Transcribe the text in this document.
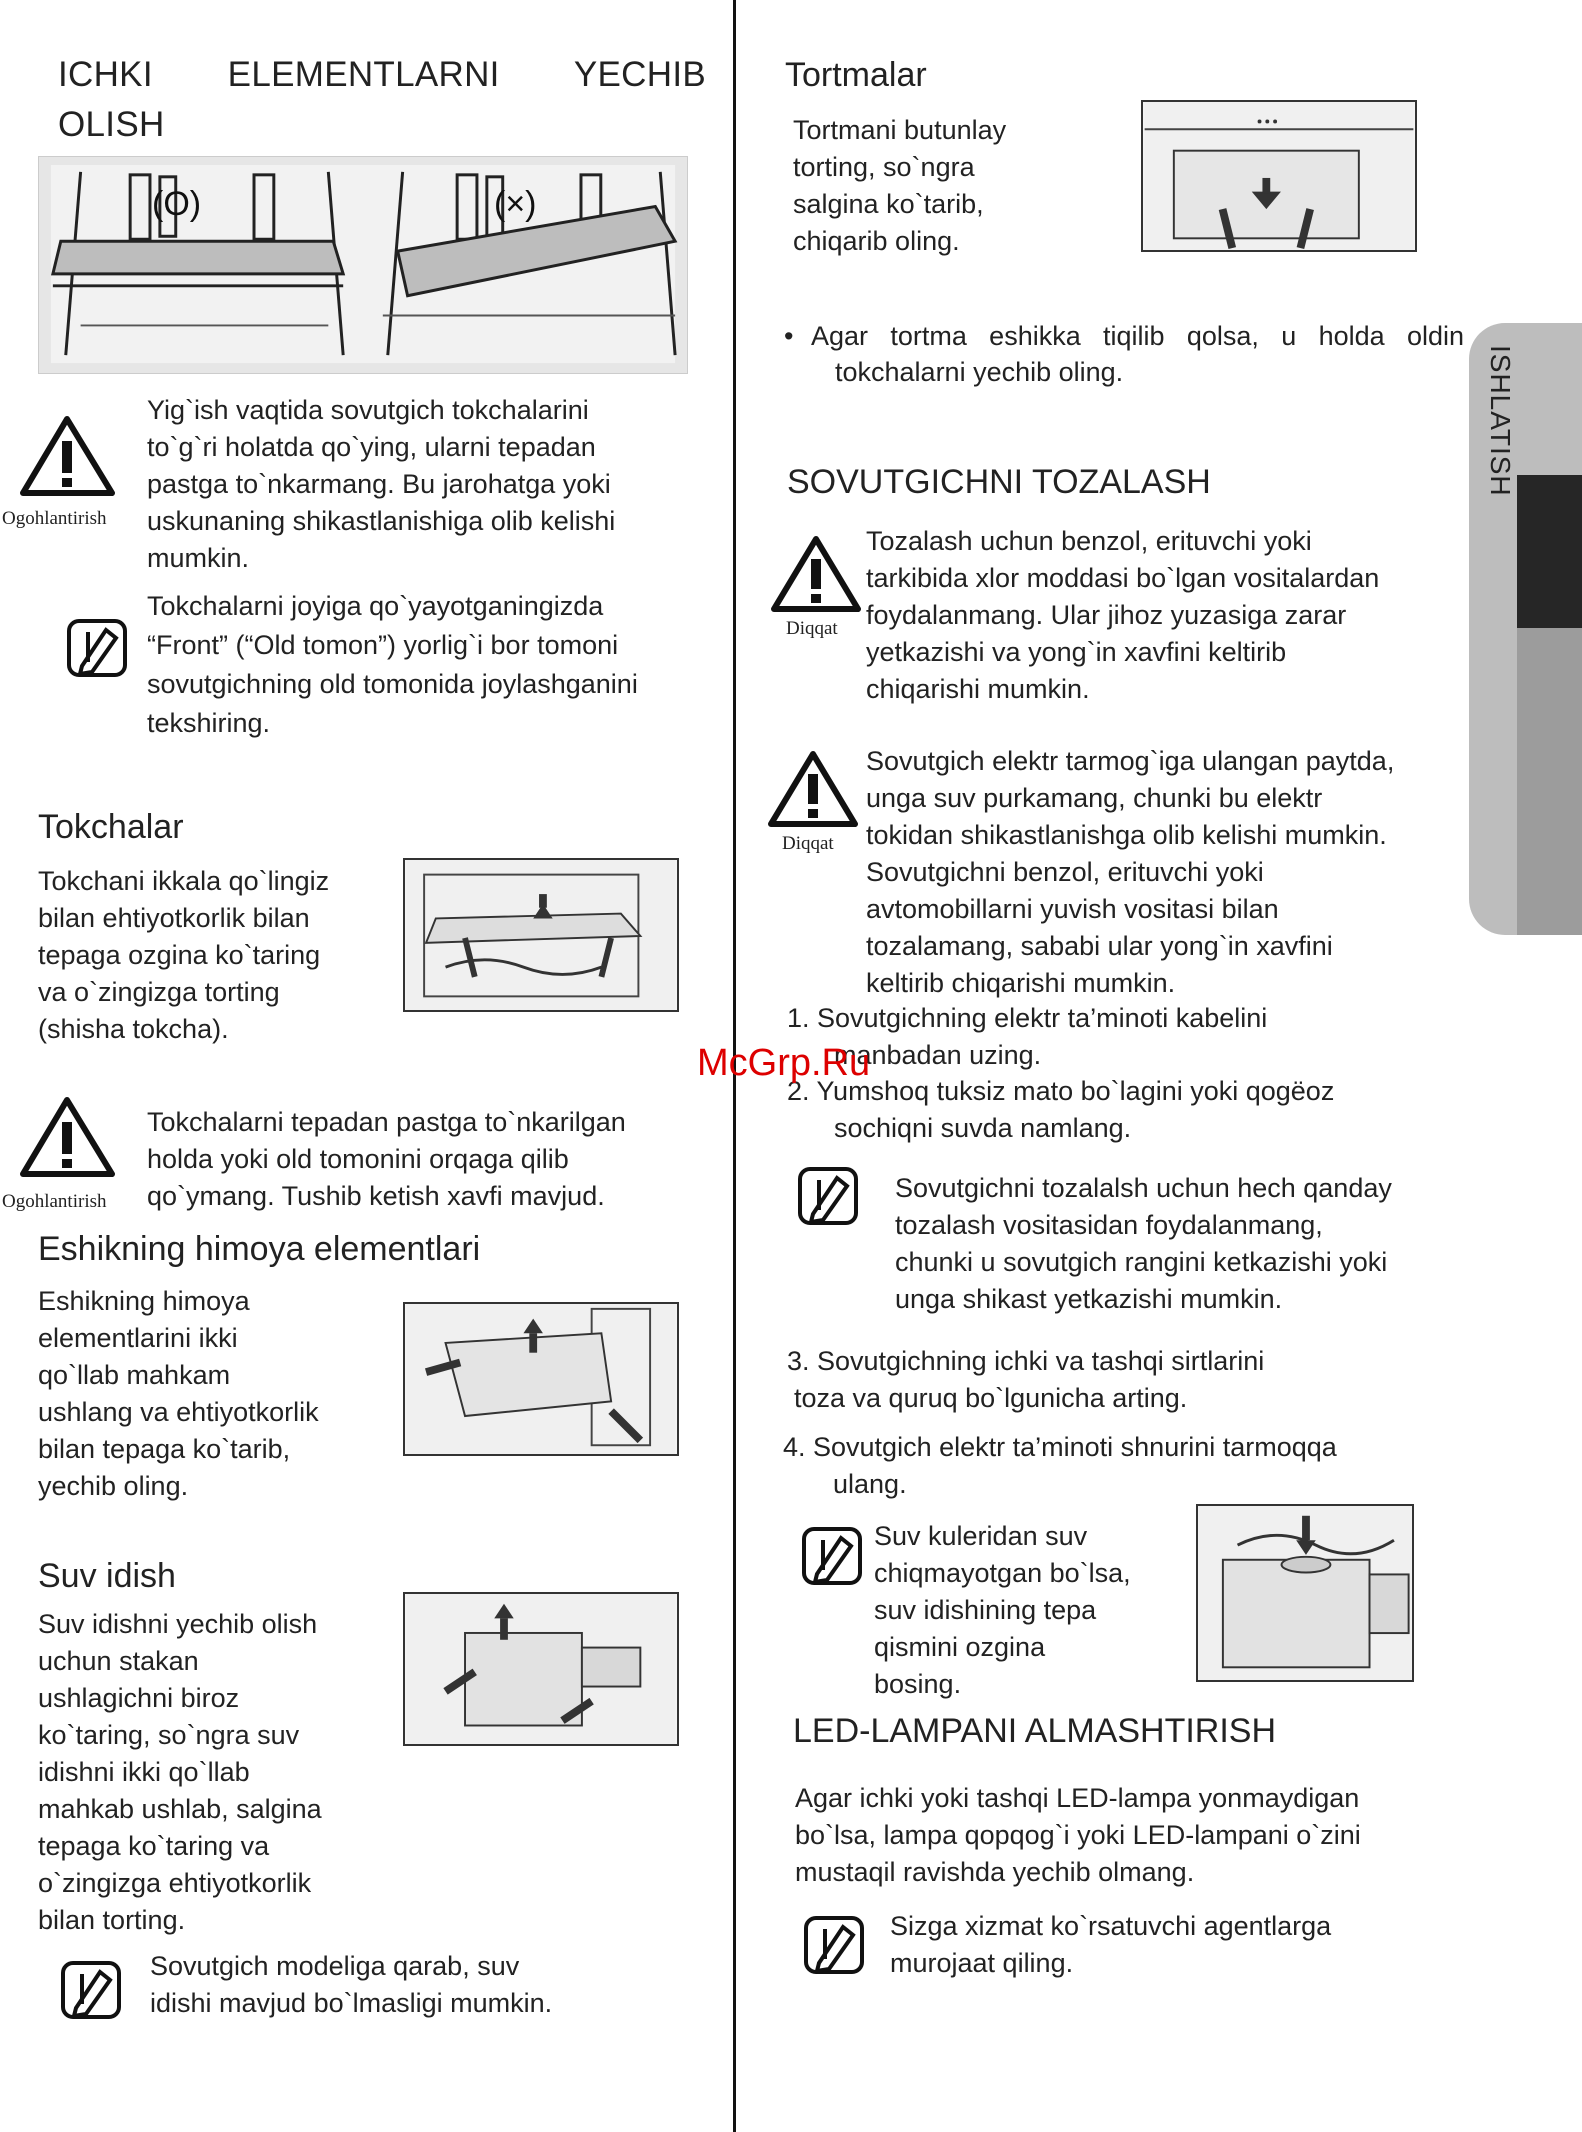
ISHLATISH
ICHKI ELEMENTLARNI YECHIB
OLISH
(O)	(×)
Ogohlantirish
Yig`ish vaqtida sovutgich tokchalarini
to`g`ri holatda qo`ying, ularni tepadan
pastga to`nkarmang. Bu jarohatga yoki
uskunaning shikastlanishiga olib kelishi
mumkin.
Tokchalarni joyiga qo`yayotganingizda
“Front” (“Old tomon”) yorlig`i bor tomoni
sovutgichning old tomonida joylashganini
tekshiring.
Tokchalar
Tokchani ikkala qo`lingiz
bilan ehtiyotkorlik bilan
tepaga ozgina ko`taring
va o`zingizga torting
(shisha tokcha).
Ogohlantirish
Tokchalarni tepadan pastga to`nkarilgan
holda yoki old tomonini orqaga qilib
qo`ymang. Tushib ketish xavfi mavjud.
Eshikning himoya elementlari
Eshikning himoya
elementlarini ikki
qo`llab mahkam
ushlang va ehtiyotkorlik
bilan tepaga ko`tarib,
yechib oling.
Suv idish
Suv idishni yechib olish
uchun stakan
ushlagichni biroz
ko`taring, so`ngra suv
idishni ikki qo`llab
mahkab ushlab, salgina
tepaga ko`taring va
o`zingizga ehtiyotkorlik
bilan torting.
Sovutgich modeliga qarab, suv
idishi mavjud bo`lmasligi mumkin.
Tortmalar
Tortmani butunlay
torting, so`ngra
salgina ko`tarib,
chiqarib oling.
• Agar tortma eshikka tiqilib qolsa, u holda oldin
tokchalarni yechib oling.
SOVUTGICHNI TOZALASH
Diqqat
Tozalash uchun benzol, erituvchi yoki
tarkibida xlor moddasi bo`lgan vositalardan
foydalanmang. Ular jihoz yuzasiga zarar
yetkazishi va yong`in xavfini keltirib
chiqarishi mumkin.
Diqqat
Sovutgich elektr tarmog`iga ulangan paytda,
unga suv purkamang, chunki bu elektr
tokidan shikastlanishga olib kelishi mumkin.
Sovutgichni benzol, erituvchi yoki
avtomobillarni yuvish vositasi bilan
tozalamang, sababi ular yong`in xavfini
keltirib chiqarishi mumkin.
1. Sovutgichning elektr ta’minoti kabelini
manbadan uzing.
2. Yumshoq tuksiz mato bo`lagini yoki qogëoz
sochiqni suvda namlang.
Sovutgichni tozalalsh uchun hech qanday
tozalash vositasidan foydalanmang,
chunki u sovutgich rangini ketkazishi yoki
unga shikast yetkazishi mumkin.
3. Sovutgichning ichki va tashqi sirtlarini
toza va quruq bo`lgunicha arting.
4. Sovutgich elektr ta’minoti shnurini tarmoqqa
ulang.
Suv kuleridan suv
chiqmayotgan bo`lsa,
suv idishining tepa
qismini ozgina
bosing.
LED-LAMPANI ALMASHTIRISH
Agar ichki yoki tashqi LED-lampa yonmaydigan
bo`lsa, lampa qopqog`i yoki LED-lampani o`zini
mustaqil ravishda yechib olmang.
Sizga xizmat ko`rsatuvchi agentlarga
murojaat qiling.
McGrp.Ru
